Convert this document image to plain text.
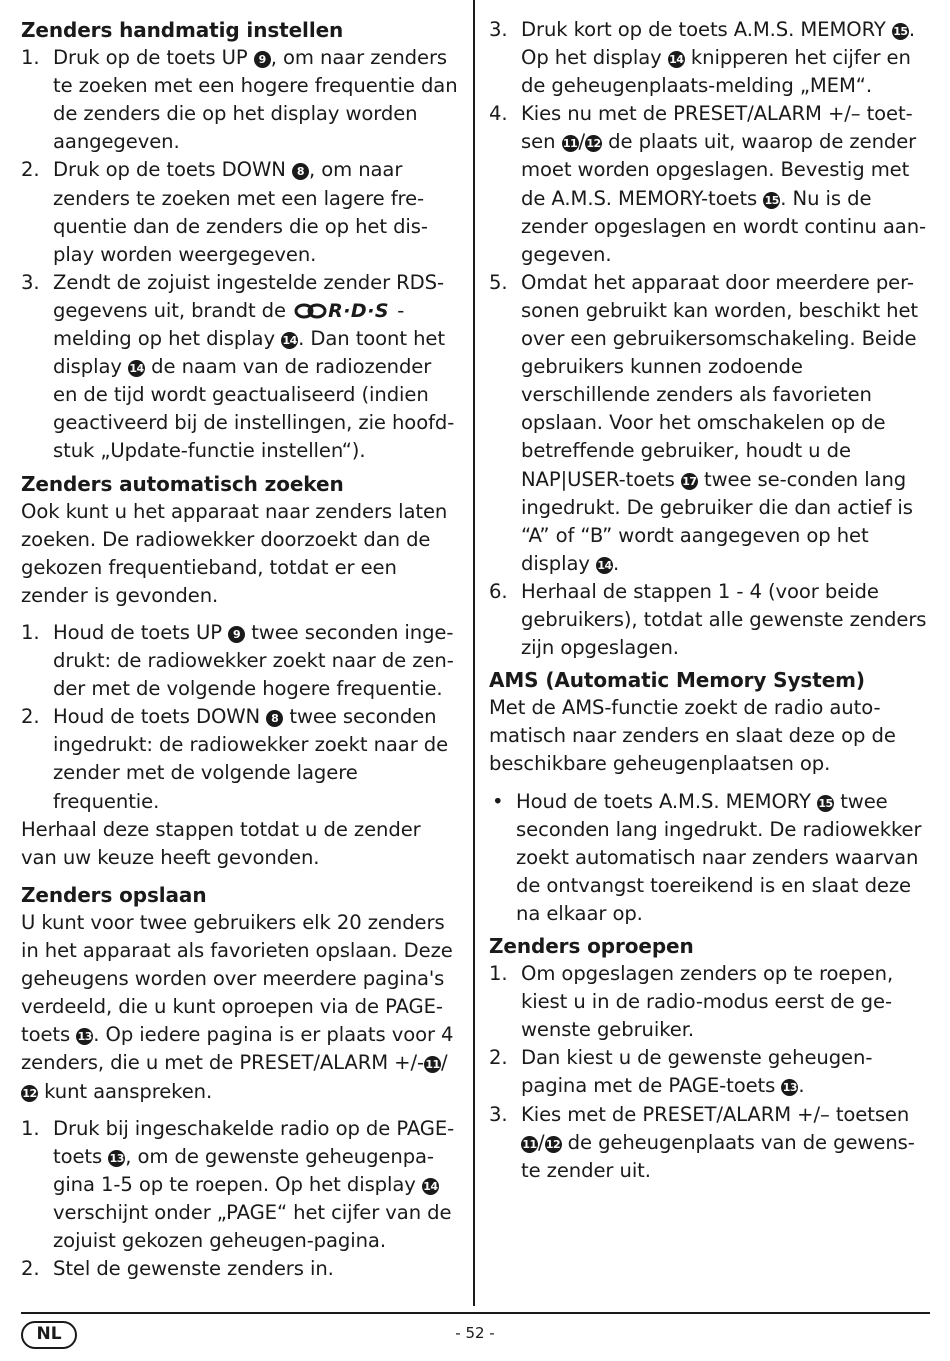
Zenders handmatig instellen
1. Druk op de toets UP 9 , om naar zenders te zoeken met een hogere frequentie dan de zenders die op het display worden aangegeven.
2. Druk op de toets DOWN 8 , om naar zenders te zoeken met een lagere fre-quentie dan de zenders die op het dis-play worden weergegeven.
3. Zendt de zojuist ingestelde zender RDS-gegevens uit, brandt de R·D·S -melding op het display 14. Dan toont het display 14 de naam van de radiozender en de tijd wordt geactualiseerd (indien geactiveerd bij de instellingen, zie hoofd-stuk „Update-functie instellen“).
Zenders automatisch zoeken

Ook kunt u het apparaat naar zenders laten zoeken. De radiowekker doorzoekt dan de gekozen frequentieband, totdat er een zender is gevonden.

1. Houd de toets UP 9 twee seconden inge-drukt: de radiowekker zoekt naar de zen-der met de volgende hogere frequentie.
2. Houd de toets DOWN 8 twee seconden ingedrukt: de radiowekker zoekt naar de zender met de volgende lagere frequentie.

Herhaal deze stappen totdat u de zender van uw keuze heeft gevonden.

Zenders opslaan

U kunt voor twee gebruikers elk 20 zenders in het apparaat als favorieten opslaan. Deze geheugens worden over meerdere pagina's verdeeld, die u kunt oproepen via de PAGE-toets 13. Op iedere pagina is er plaats voor 4 zenders, die u met de PRESET/ALARM +/-11/ 12 kunt aanspreken.

1. Druk bij ingeschakelde radio op de PAGE-toets 13, om de gewenste geheugenpa-gina 1-5 op te roepen. Op het display 14 verschijnt onder „PAGE“ het cijfer van de zojuist gekozen geheugen-pagina.
2. Stel de gewenste zenders in.
3. Druk kort op de toets A.M.S. MEMORY 15. Op het display 14 knipperen het cijfer en de geheugenplaats-melding „MEM“.
4. Kies nu met de PRESET/ALARM +/– toet-sen 11/12 de plaats uit, waarop de zender moet worden opgeslagen. Bevestig met de A.M.S. MEMORY-toets 15. Nu is de zender opgeslagen en wordt continu aan-gegeven.
5. Omdat het apparaat door meerdere per-sonen gebruikt kan worden, beschikt het over een gebruikersomschakeling. Beide gebruikers kunnen zodoende verschillende zenders als favorieten opslaan. Voor het omschakelen op de betreffende gebruiker, houdt u de NAP|USER-toets 17 twee se-conden lang ingedrukt. De gebruiker die dan actief is “A” of “B” wordt aangegeven op het display 14.
6. Herhaal de stappen 1 - 4 (voor beide gebruikers), totdat alle gewenste zenders zijn opgeslagen.
AMS (Automatic Memory System)

Met de AMS-functie zoekt de radio auto-matisch naar zenders en slaat deze op de beschikbare geheugenplaatsen op.

• Houd de toets A.M.S. MEMORY 15 twee seconden lang ingedrukt. De radiowekker zoekt automatisch naar zenders waarvan de ontvangst toereikend is en slaat deze na elkaar op.
Zenders oproepen
1. Om opgeslagen zenders op te roepen, kiest u in de radio-modus eerst de ge-wenste gebruiker.
2. Dan kiest u de gewenste geheugen-pagina met de PAGE-toets 13.
3. Kies met de PRESET/ALARM +/– toetsen 11/12 de geheugenplaats van de gewens-te zender uit.
NL	- 52 -
